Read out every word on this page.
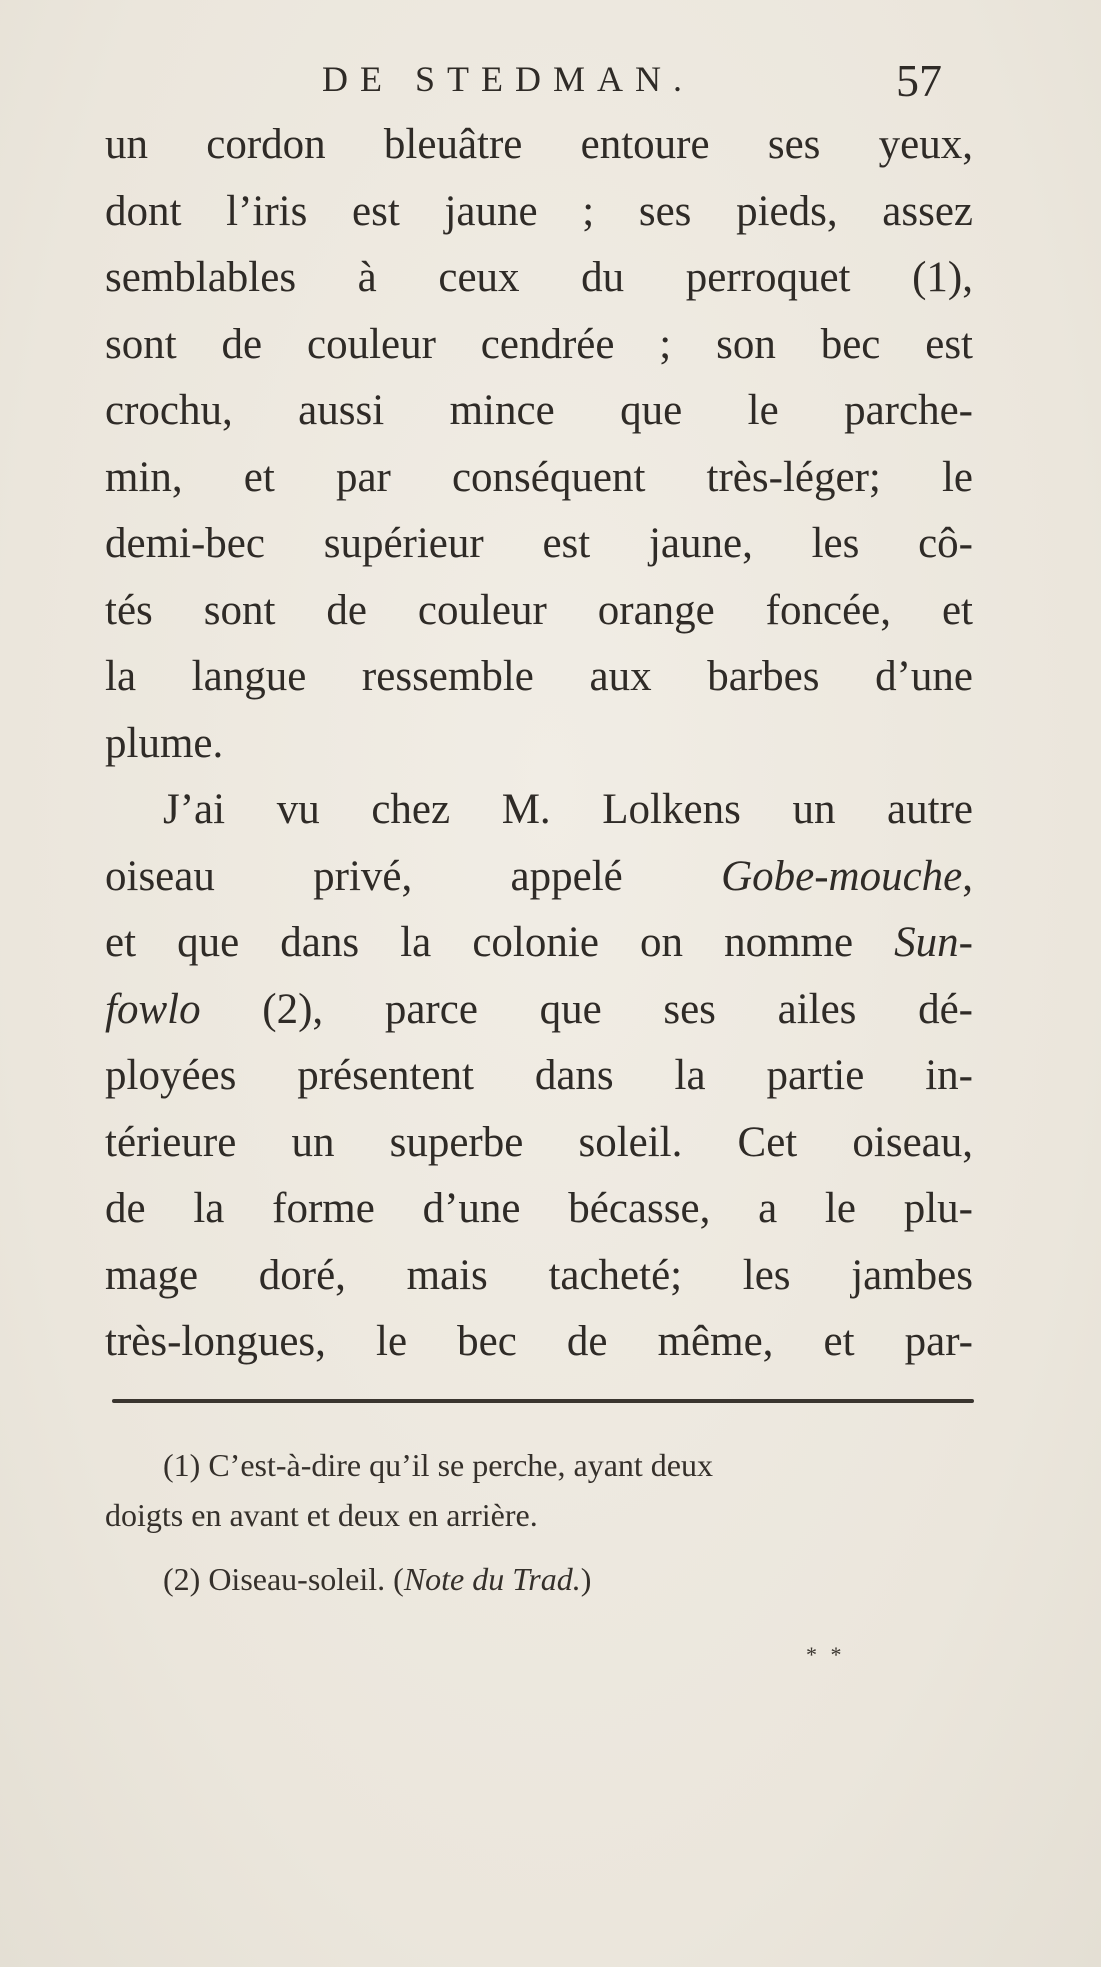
DE STEDMAN.	57
un cordon bleuâtre entoure ses yeux,
dont l’iris est jaune ; ses pieds, assez
semblables à ceux du perroquet (1),
sont de couleur cendrée ; son bec est
crochu, aussi mince que le parche-
min, et par conséquent très-léger; le
demi-bec supérieur est jaune, les cô-
tés sont de couleur orange foncée, et
la langue ressemble aux barbes d’une
plume.
J’ai vu chez M. Lolkens un autre
oiseau privé, appelé Gobe-mouche,
et que dans la colonie on nomme Sun-
fowlo (2), parce que ses ailes dé-
ployées présentent dans la partie in-
térieure un superbe soleil. Cet oiseau,
de la forme d’une bécasse, a le plu-
mage doré, mais tacheté; les jambes
très-longues, le bec de même, et par-
(1) C’est-à-dire qu’il se perche, ayant deux
doigts en avant et deux en arrière.
(2) Oiseau-soleil. (Note du Trad.)
* *
